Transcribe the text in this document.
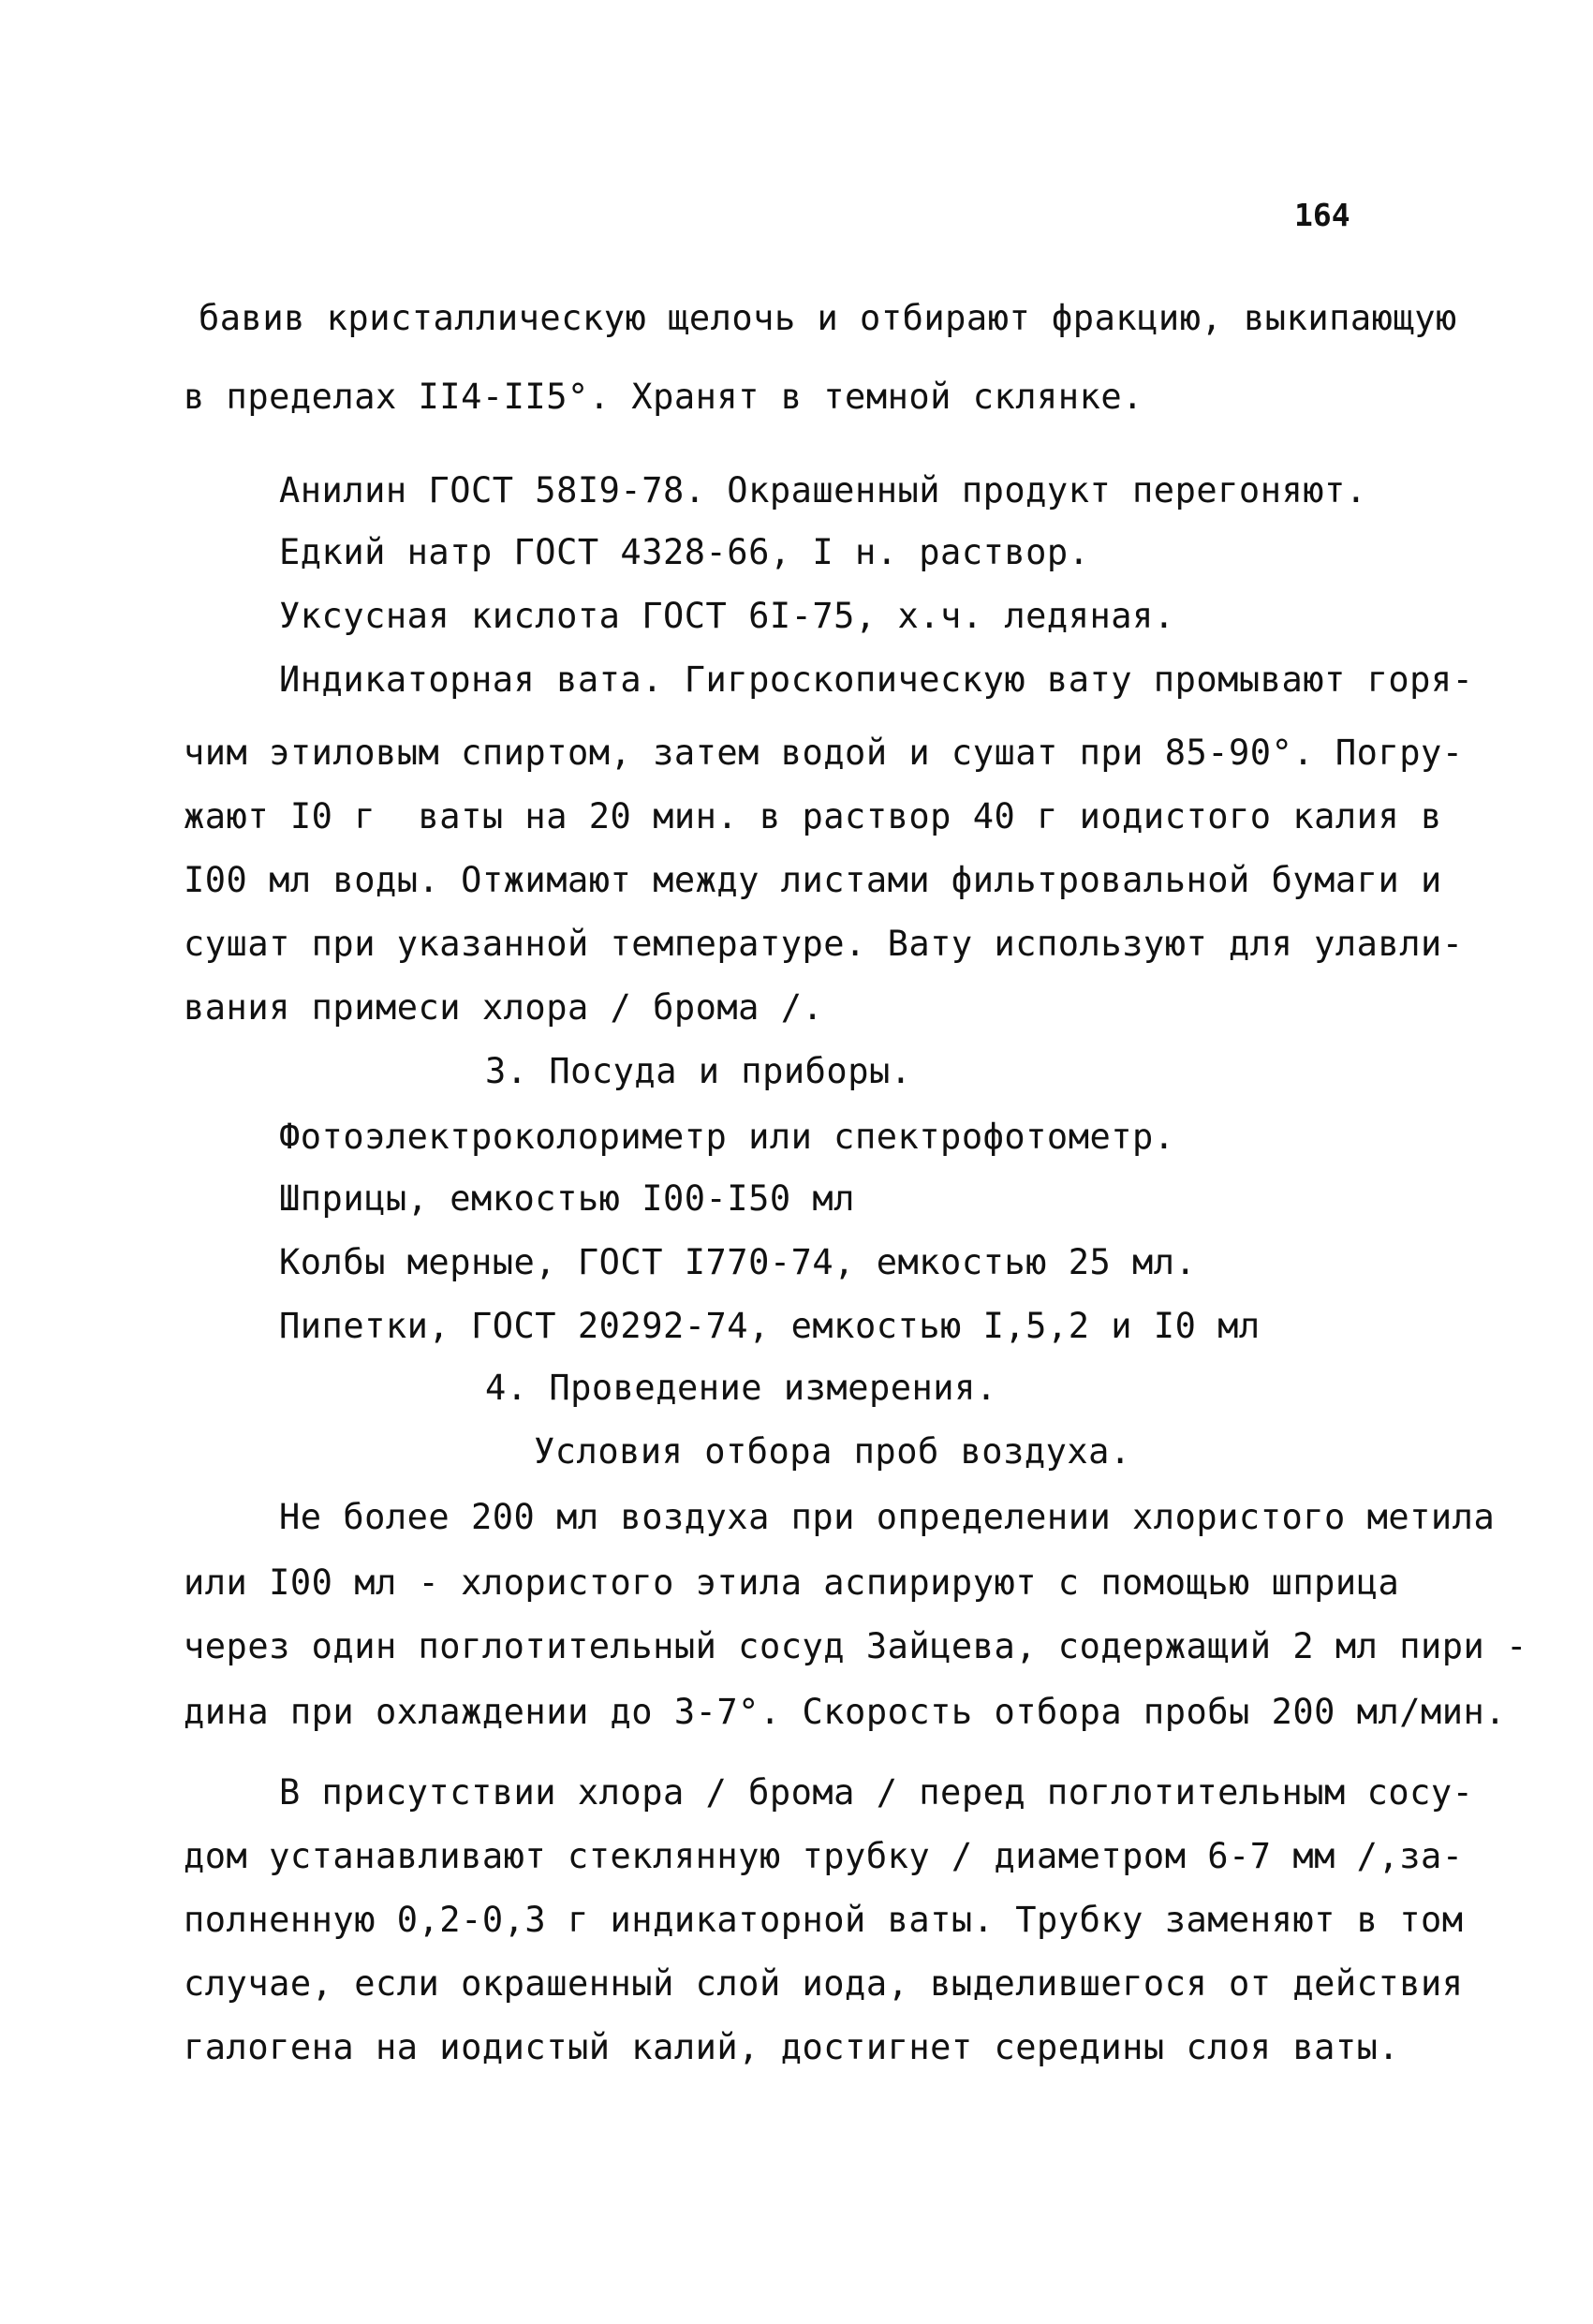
164
бавив кристаллическую щелочь и отбирают фракцию, выкипающую
в пределах II4-II5°. Хранят в темной склянке.
Анилин ГОСТ 58I9-78. Окрашенный продукт перегоняют.
Едкий натр ГОСТ 4328-66, I н. раствор.
Уксусная кислота ГОСТ 6I-75, х.ч. ледяная.
Индикаторная вата. Гигроскопическую вату промывают горя-
чим этиловым спиртом, затем водой и сушат при 85-90°. Погру-
жают I0 г  ваты на 20 мин. в раствор 40 г иодистого калия в
I00 мл воды. Отжимают между листами фильтровальной бумаги и
сушат при указанной температуре. Вату используют для улавли-
вания примеси хлора / брома /.
3. Посуда и приборы.
Фотоэлектроколориметр или спектрофотометр.
Шприцы, емкостью I00-I50 мл
Колбы мерные, ГОСТ I770-74, емкостью 25 мл.
Пипетки, ГОСТ 20292-74, емкостью I,5,2 и I0 мл
4. Проведение измерения.
Условия отбора проб воздуха.
Не более 200 мл воздуха при определении хлористого метила
или I00 мл - хлористого этила аспирируют с помощью шприца
через один поглотительный сосуд Зайцева, содержащий 2 мл пири -
дина при охлаждении до 3-7°. Скорость отбора пробы 200 мл/мин.
В присутствии хлора / брома / перед поглотительным сосу-
дом устанавливают стеклянную трубку / диаметром 6-7 мм /,за-
полненную 0,2-0,3 г индикаторной ваты. Трубку заменяют в том
случае, если окрашенный слой иода, выделившегося от действия
галогена на иодистый калий, достигнет середины слоя ваты.
